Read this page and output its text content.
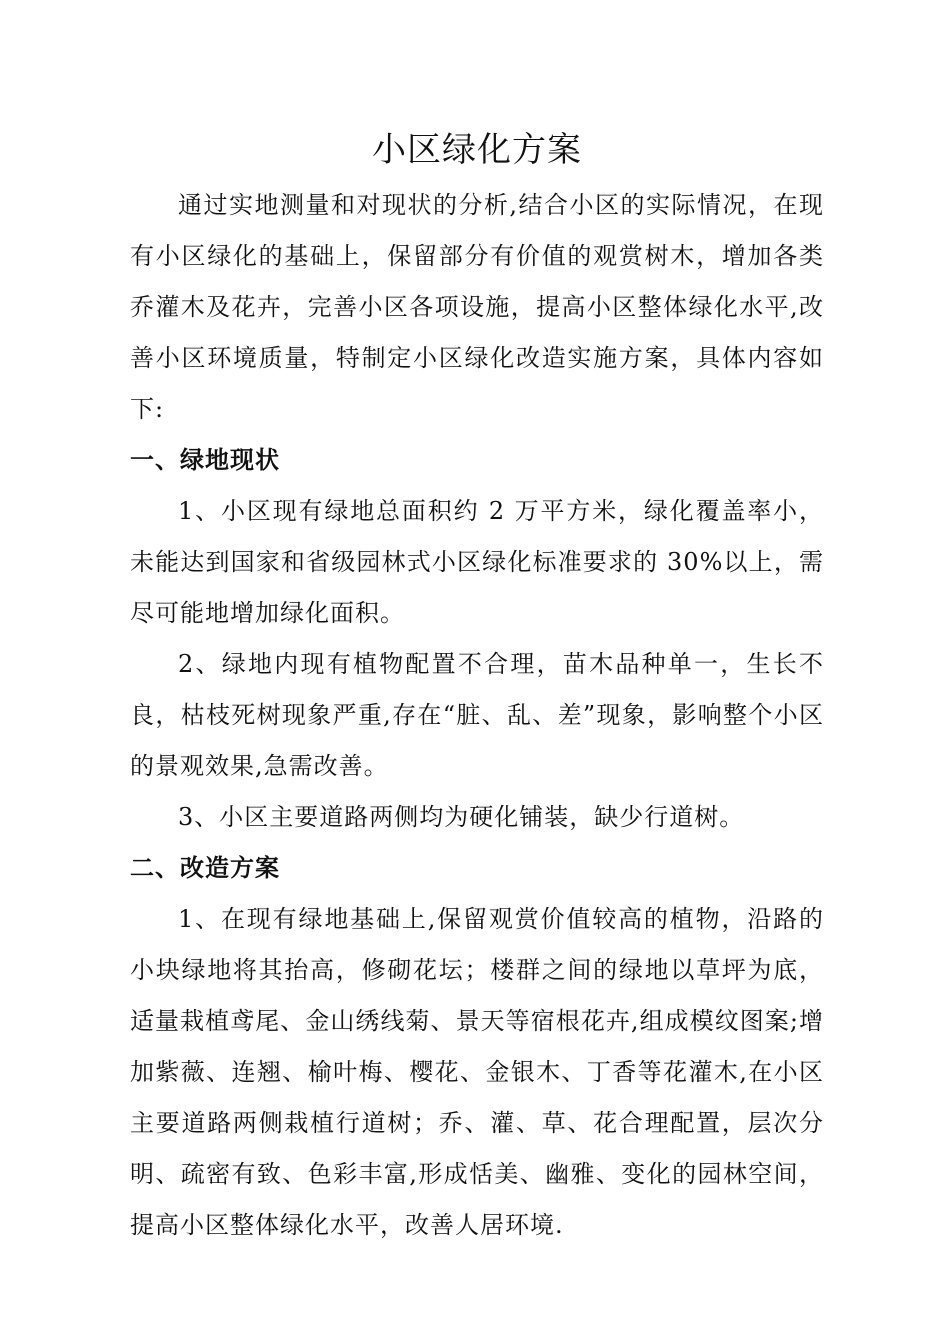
小区绿化方案

通过实地测量和对现状的分析,结合小区的实际情况，在现有小区绿化的基础上，保留部分有价值的观赏树木，增加各类乔灌木及花卉，完善小区各项设施，提高小区整体绿化水平,改善小区环境质量，特制定小区绿化改造实施方案，具体内容如下:

一、绿地现状

1、小区现有绿地总面积约 2 万平方米，绿化覆盖率小，未能达到国家和省级园林式小区绿化标准要求的 30%以上，需尽可能地增加绿化面积。

2、绿地内现有植物配置不合理，苗木品种单一，生长不良，枯枝死树现象严重,存在“脏、乱、差”现象，影响整个小区的景观效果,急需改善。

3、小区主要道路两侧均为硬化铺装，缺少行道树。

二、改造方案

1、在现有绿地基础上,保留观赏价值较高的植物，沿路的小块绿地将其抬高，修砌花坛；楼群之间的绿地以草坪为底，适量栽植鸢尾、金山绣线菊、景天等宿根花卉,组成模纹图案;增加紫薇、连翘、榆叶梅、樱花、金银木、丁香等花灌木,在小区主要道路两侧栽植行道树；乔、灌、草、花合理配置，层次分明、疏密有致、色彩丰富,形成恬美、幽雅、变化的园林空间，提高小区整体绿化水平，改善人居环境.
